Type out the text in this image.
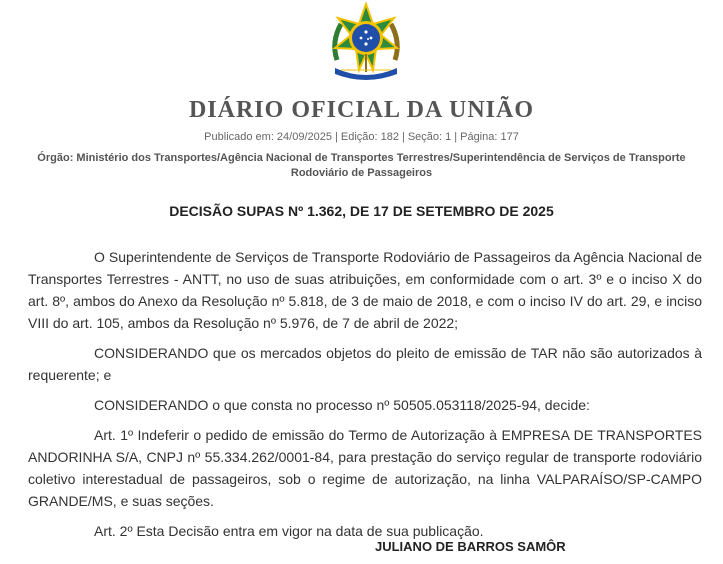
DIÁRIO OFICIAL DA UNIÃO
Publicado em: 24/09/2025 | Edição: 182 | Seção: 1 | Página: 177
Órgão: Ministério dos Transportes/Agência Nacional de Transportes Terrestres/Superintendência de Serviços de Transporte Rodoviário de Passageiros
DECISÃO SUPAS Nº 1.362, DE 17 DE SETEMBRO DE 2025

O Superintendente de Serviços de Transporte Rodoviário de Passageiros da Agência Nacional de Transportes Terrestres - ANTT, no uso de suas atribuições, em conformidade com o art. 3º e o inciso X do art. 8º, ambos do Anexo da Resolução nº 5.818, de 3 de maio de 2018, e com o inciso IV do art. 29, e inciso VIII do art. 105, ambos da Resolução nº 5.976, de 7 de abril de 2022;

CONSIDERANDO que os mercados objetos do pleito de emissão de TAR não são autorizados à requerente; e

CONSIDERANDO o que consta no processo nº 50505.053118/2025-94, decide:

Art. 1º Indeferir o pedido de emissão do Termo de Autorização à EMPRESA DE TRANSPORTES ANDORINHA S/A, CNPJ nº 55.334.262/0001-84, para prestação do serviço regular de transporte rodoviário coletivo interestadual de passageiros, sob o regime de autorização, na linha VALPARAÍSO/SP-CAMPO GRANDE/MS, e suas seções.

Art. 2º Esta Decisão entra em vigor na data de sua publicação.

JULIANO DE BARROS SAMÔR
